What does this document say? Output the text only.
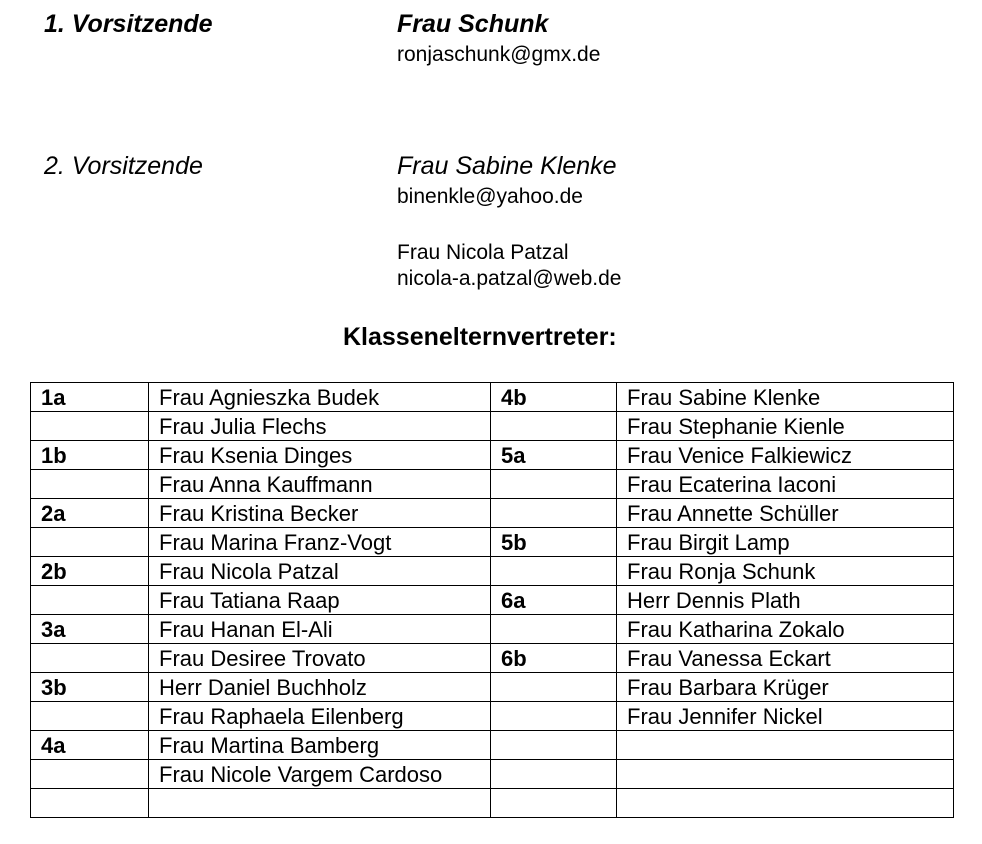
1. Vorsitzende	Frau Schunk
ronjaschunk@gmx.de
2. Vorsitzende	Frau Sabine Klenke
binenkle@yahoo.de
Frau Nicola Patzal
nicola-a.patzal@web.de
Klassenelternvertreter:
1a	Frau Agnieszka Budek	4b	Frau Sabine Klenke
	Frau Julia Flechs		Frau Stephanie Kienle
1b	Frau Ksenia Dinges	5a	Frau Venice Falkiewicz
	Frau Anna Kauffmann		Frau Ecaterina Iaconi
2a	Frau Kristina Becker		Frau Annette Schüller
	Frau Marina Franz-Vogt	5b	Frau Birgit Lamp
2b	Frau Nicola Patzal		Frau Ronja Schunk
	Frau Tatiana Raap	6a	Herr Dennis Plath
3a	Frau Hanan El-Ali		Frau Katharina Zokalo
	Frau Desiree Trovato	6b	Frau Vanessa Eckart
3b	Herr Daniel Buchholz		Frau Barbara Krüger
	Frau Raphaela Eilenberg		Frau Jennifer Nickel
4a	Frau Martina Bamberg		
	Frau Nicole Vargem Cardoso		
